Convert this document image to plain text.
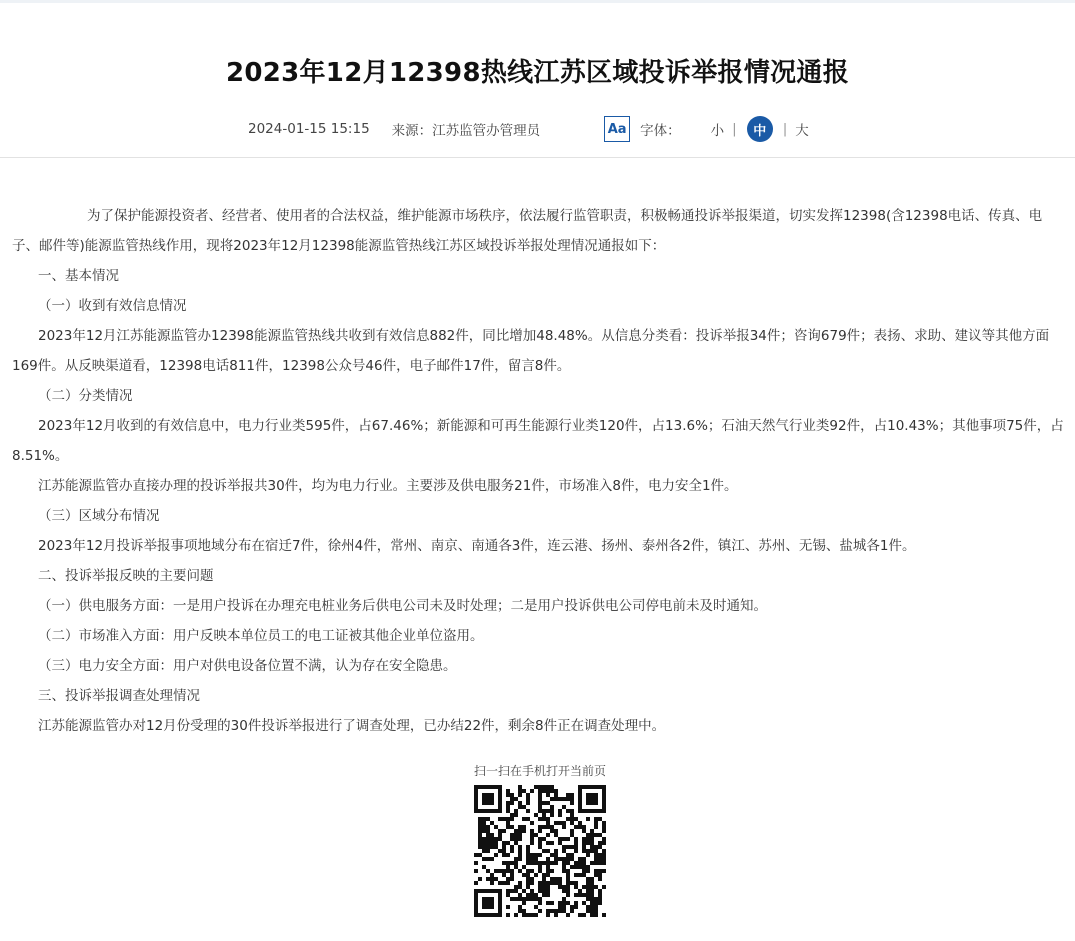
2023年12月12398热线江苏区域投诉举报情况通报
2024-01-15 15:15 来源：江苏监管办管理员	Aa 字体： 小 |	中	| 大

为了保护能源投资者、经营者、使用者的合法权益，维护能源市场秩序，依法履行监管职责，积极畅通投诉举报渠道，切实发挥12398(含12398电话、传真、电子、邮件等)能源监管热线作用，现将2023年12月12398能源监管热线江苏区域投诉举报处理情况通报如下：

一、基本情况

（一）收到有效信息情况

2023年12月江苏能源监管办12398能源监管热线共收到有效信息882件，同比增加48.48%。从信息分类看：投诉举报34件；咨询679件；表扬、求助、建议等其他方面169件。从反映渠道看，12398电话811件，12398公众号46件，电子邮件17件，留言8件。

（二）分类情况

2023年12月收到的有效信息中，电力行业类595件，占67.46%；新能源和可再生能源行业类120件，占13.6%；石油天然气行业类92件，占10.43%；其他事项75件，占8.51%。

江苏能源监管办直接办理的投诉举报共30件，均为电力行业。主要涉及供电服务21件，市场准入8件，电力安全1件。

（三）区域分布情况

2023年12月投诉举报事项地域分布在宿迁7件，徐州4件，常州、南京、南通各3件，连云港、扬州、泰州各2件，镇江、苏州、无锡、盐城各1件。

二、投诉举报反映的主要问题

（一）供电服务方面：一是用户投诉在办理充电桩业务后供电公司未及时处理；二是用户投诉供电公司停电前未及时通知。

（二）市场准入方面：用户反映本单位员工的电工证被其他企业单位盗用。

（三）电力安全方面：用户对供电设备位置不满，认为存在安全隐患。

三、投诉举报调查处理情况

江苏能源监管办对12月份受理的30件投诉举报进行了调查处理，已办结22件，剩余8件正在调查处理中。

扫一扫在手机打开当前页
